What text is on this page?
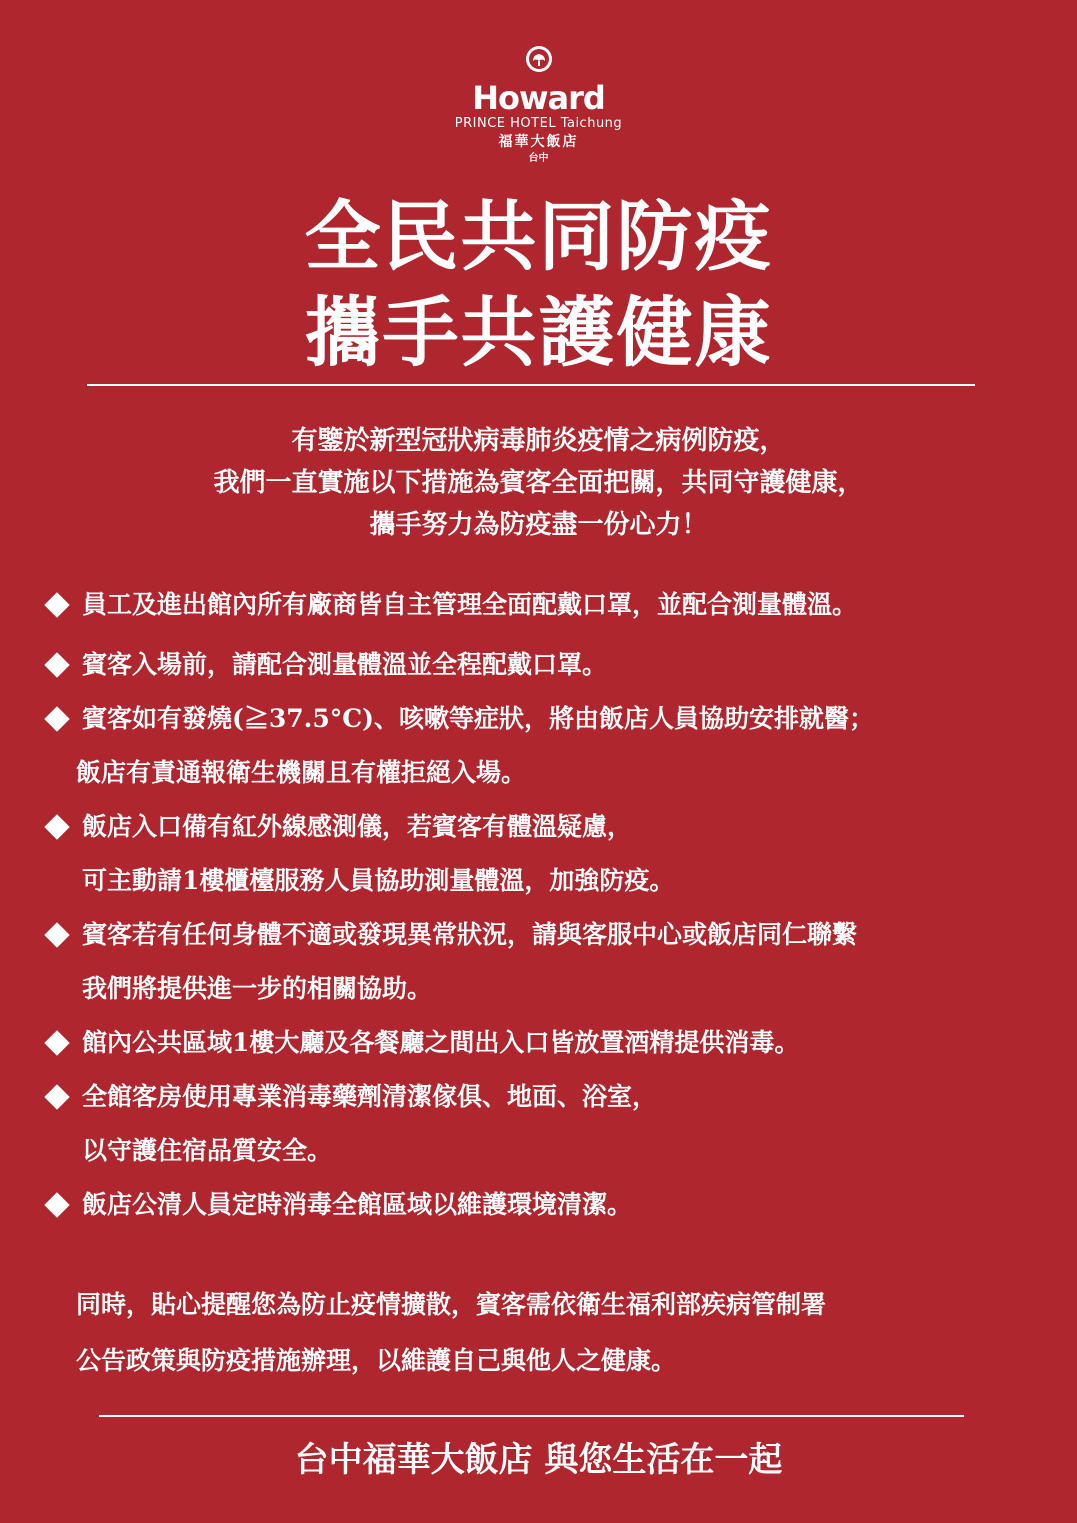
Howard
PRINCE HOTEL Taichung
福華大飯店
台中
全民共同防疫
攜手共護健康
有鑒於新型冠狀病毒肺炎疫情之病例防疫，
我們一直實施以下措施為賓客全面把關，共同守護健康，
攜手努力為防疫盡一份心力！
員工及進出館內所有廠商皆自主管理全面配戴口罩，並配合測量體溫。
賓客入場前，請配合測量體溫並全程配戴口罩。
賓客如有發燒(≧37.5°C)、咳嗽等症狀，將由飯店人員協助安排就醫；
飯店有責通報衛生機關且有權拒絕入場。
飯店入口備有紅外線感測儀，若賓客有體溫疑慮，
可主動請1樓櫃檯服務人員協助測量體溫，加強防疫。
賓客若有任何身體不適或發現異常狀況，請與客服中心或飯店同仁聯繫
我們將提供進一步的相關協助。
館內公共區域1樓大廳及各餐廳之間出入口皆放置酒精提供消毒。
全館客房使用專業消毒藥劑清潔傢俱、地面、浴室，
以守護住宿品質安全。
飯店公清人員定時消毒全館區域以維護環境清潔。
同時，貼心提醒您為防止疫情擴散，賓客需依衛生福利部疾病管制署
公告政策與防疫措施辦理，以維護自己與他人之健康。
台中福華大飯店 與您生活在一起
